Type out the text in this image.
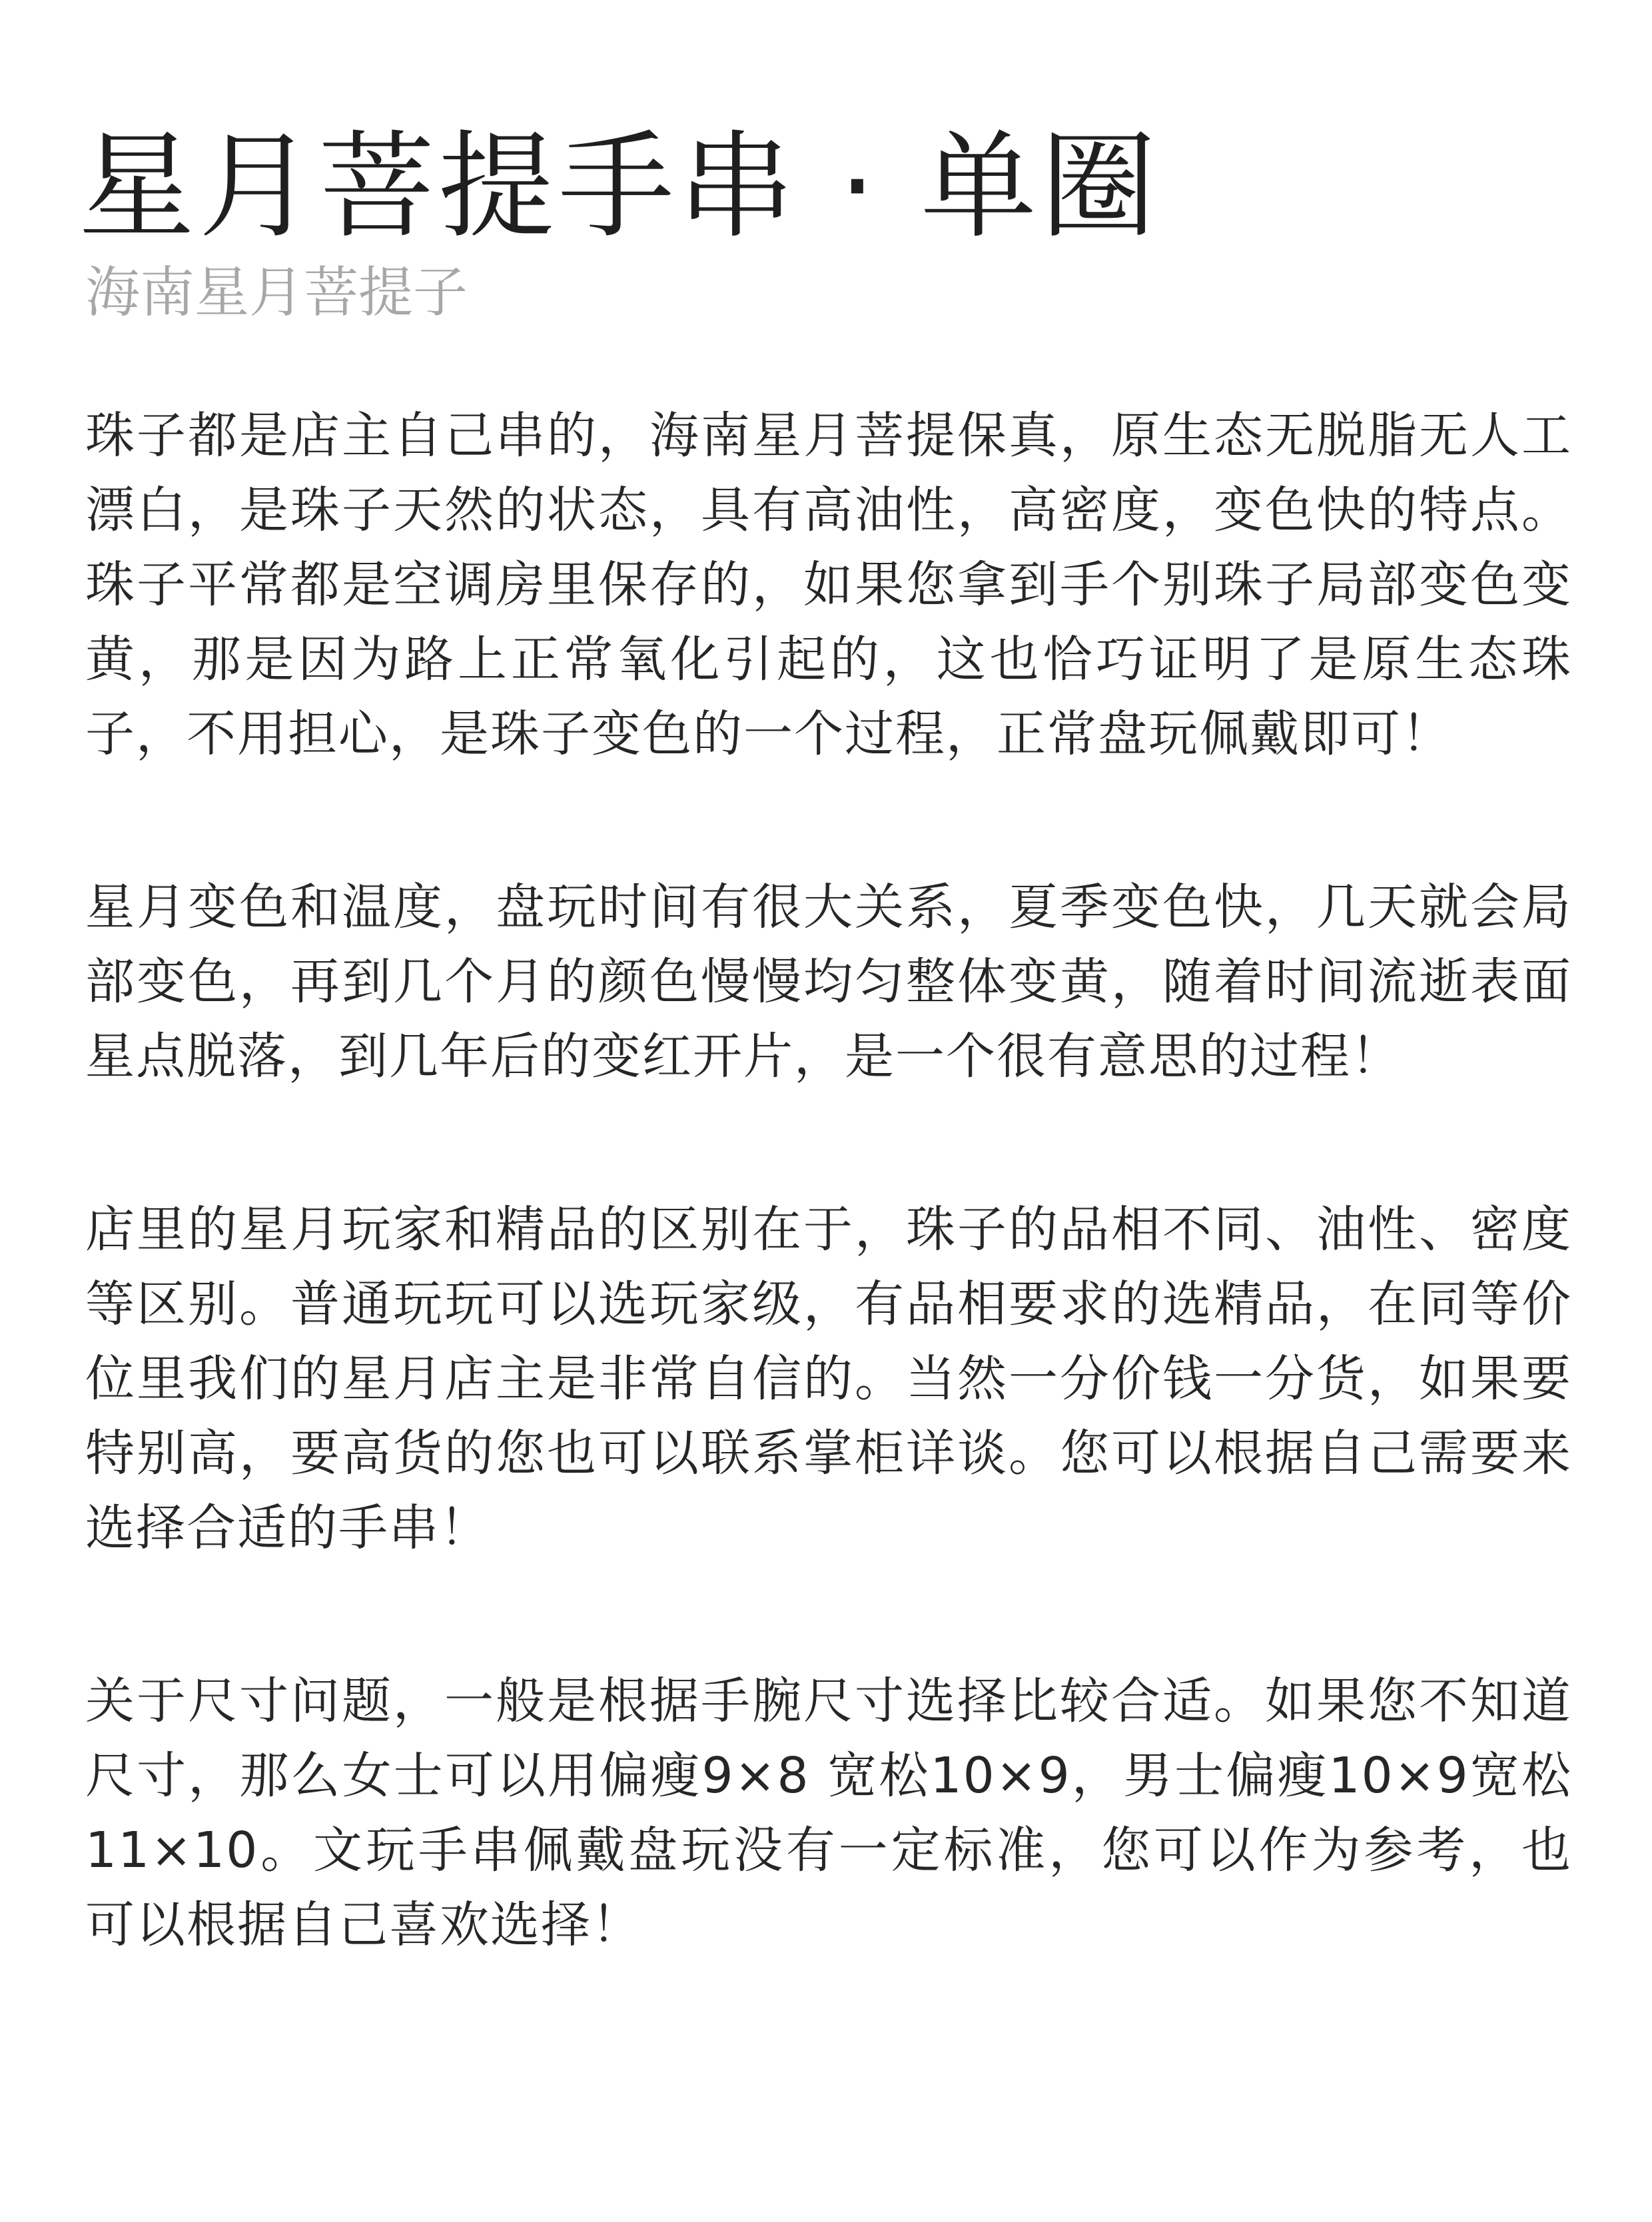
星月菩提手串 · 单圈
海南星月菩提子

珠子都是店主自己串的，海南星月菩提保真，原生态无脱脂无人工漂白，是珠子天然的状态，具有高油性，高密度，变色快的特点。珠子平常都是空调房里保存的，如果您拿到手个别珠子局部变色变黄，那是因为路上正常氧化引起的，这也恰巧证明了是原生态珠子，不用担心，是珠子变色的一个过程，正常盘玩佩戴即可！

星月变色和温度，盘玩时间有很大关系，夏季变色快，几天就会局部变色，再到几个月的颜色慢慢均匀整体变黄，随着时间流逝表面星点脱落，到几年后的变红开片，是一个很有意思的过程！

店里的星月玩家和精品的区别在于，珠子的品相不同、油性、密度等区别。普通玩玩可以选玩家级，有品相要求的选精品，在同等价位里我们的星月店主是非常自信的。当然一分价钱一分货，如果要特别高，要高货的您也可以联系掌柜详谈。您可以根据自己需要来选择合适的手串！

关于尺寸问题，一般是根据手腕尺寸选择比较合适。如果您不知道尺寸，那么女士可以用偏瘦9×8 宽松10×9，男士偏瘦10×9宽松11×10。文玩手串佩戴盘玩没有一定标准，您可以作为参考，也可以根据自己喜欢选择！
